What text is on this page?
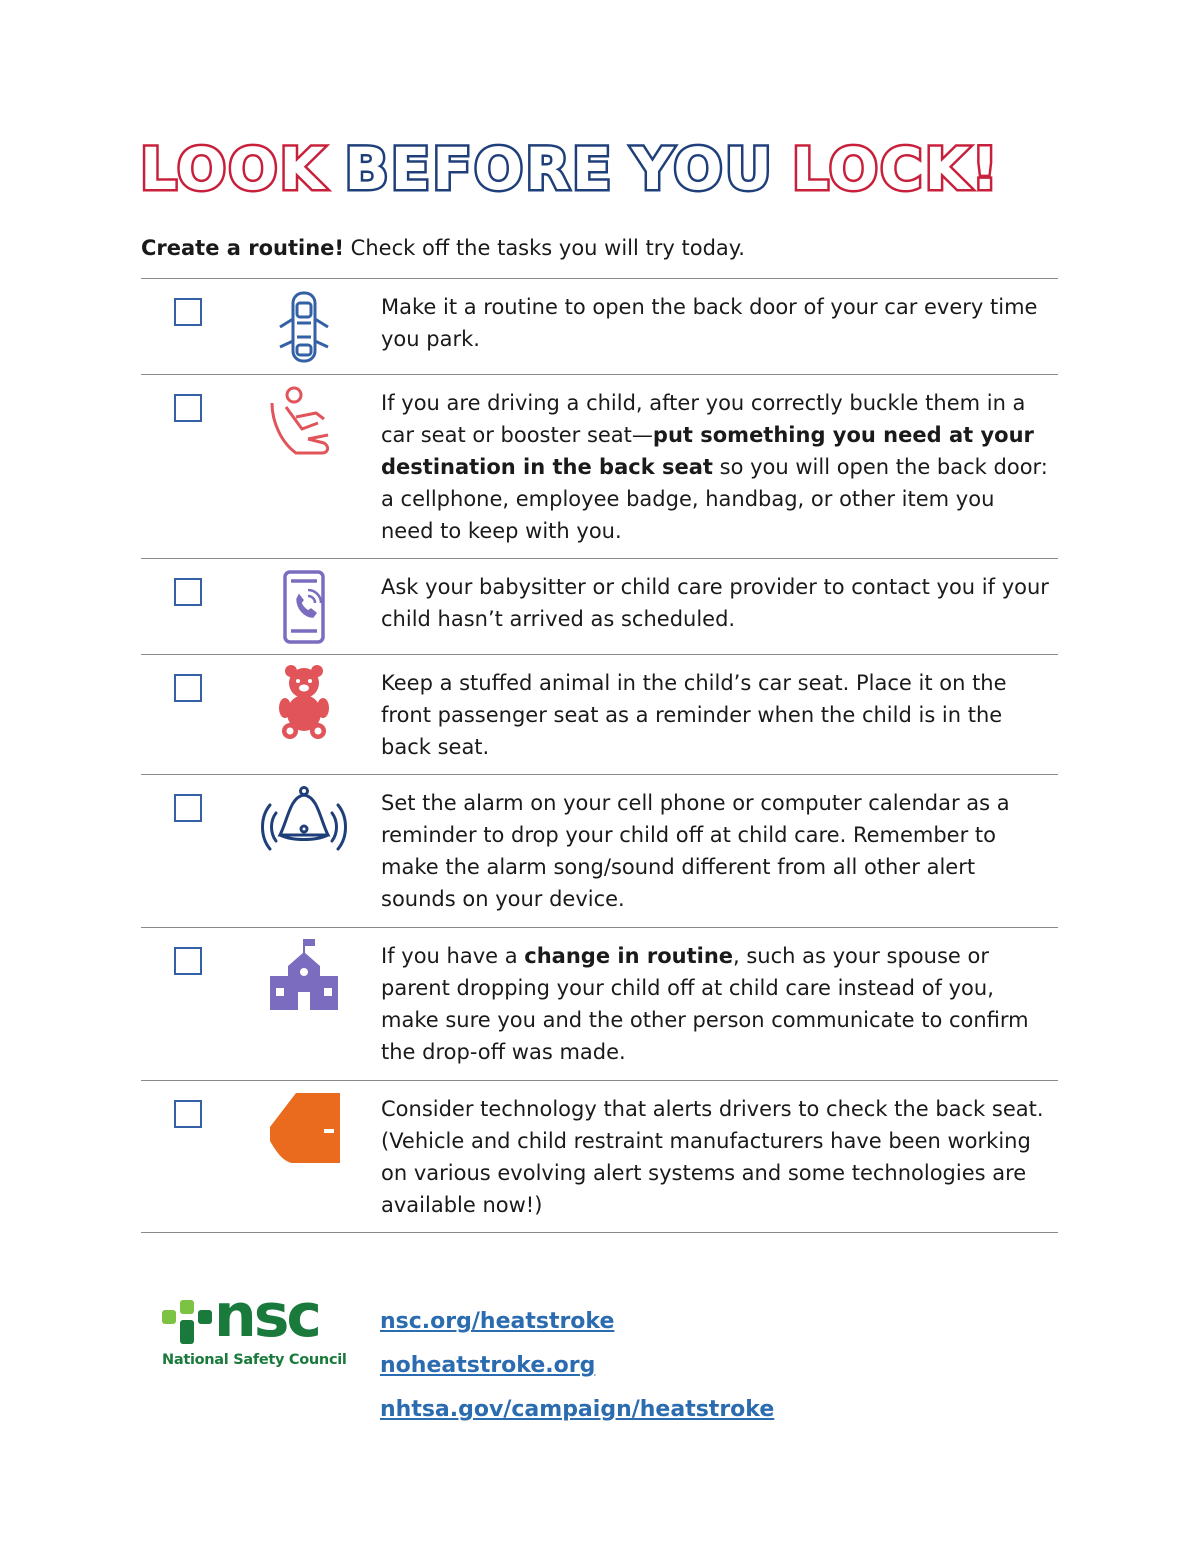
LOOK BEFORE YOU LOCK!
Create a routine! Check off the tasks you will try today.
Make it a routine to open the back door of your car every time you park.
If you are driving a child, after you correctly buckle them in a car seat or booster seat—put something you need at your destination in the back seat so you will open the back door: a cellphone, employee badge, handbag, or other item you need to keep with you.
Ask your babysitter or child care provider to contact you if your child hasn’t arrived as scheduled.
Keep a stuffed animal in the child’s car seat. Place it on the front passenger seat as a reminder when the child is in the back seat.
Set the alarm on your cell phone or computer calendar as a reminder to drop your child off at child care. Remember to make the alarm song/sound different from all other alert sounds on your device.
If you have a change in routine, such as your spouse or parent dropping your child off at child care instead of you, make sure you and the other person communicate to confirm the drop-off was made.
Consider technology that alerts drivers to check the back seat. (Vehicle and child restraint manufacturers have been working on various evolving alert systems and some technologies are available now!)
nsc
National Safety Council
nsc.org/heatstroke
noheatstroke.org
nhtsa.gov/campaign/heatstroke
